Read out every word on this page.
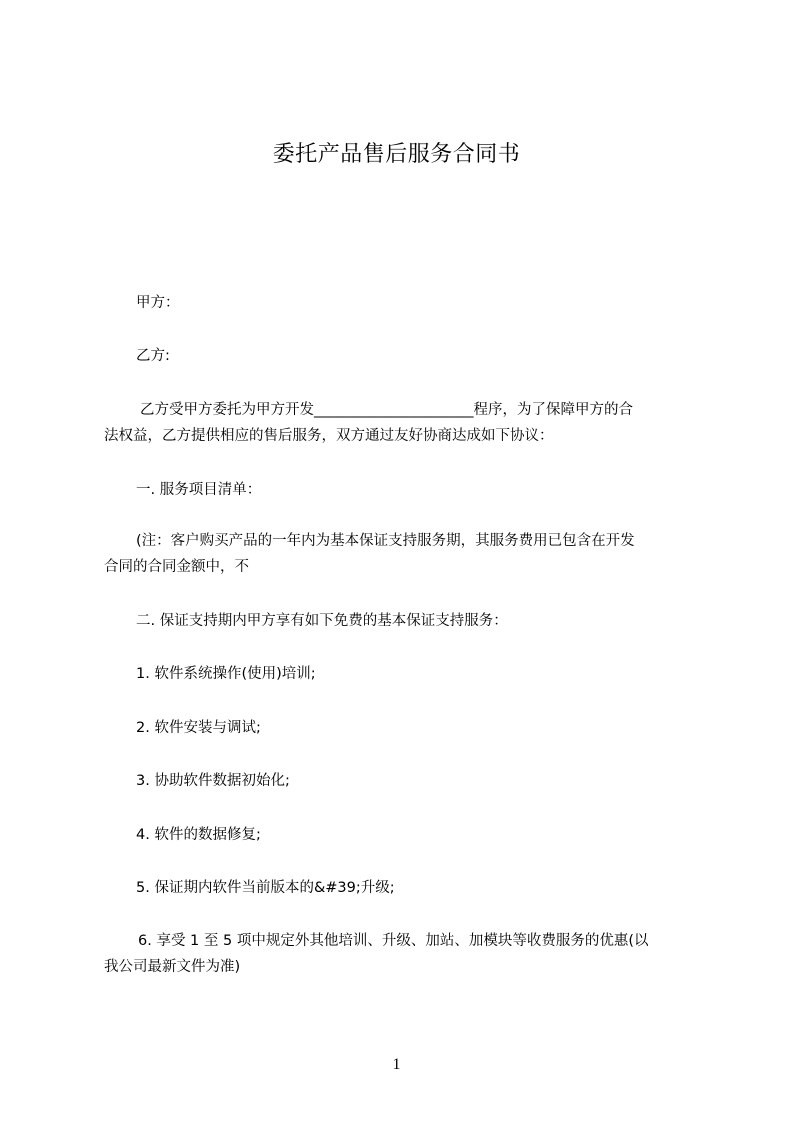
委托产品售后服务合同书
甲方：
乙方:
乙方受甲方委托为甲方开发______________________程序，为了保障甲方的合
法权益，乙方提供相应的售后服务，双方通过友好协商达成如下协议：
一. 服务项目清单：
(注：客户购买产品的一年内为基本保证支持服务期，其服务费用已包含在开发
合同的合同金额中，不
二. 保证支持期内甲方享有如下免费的基本保证支持服务：
1. 软件系统操作(使用)培训;
2. 软件安装与调试;
3. 协助软件数据初始化;
4. 软件的数据修复;
5. 保证期内软件当前版本的&#39;升级;
6. 享受 1 至 5 项中规定外其他培训、升级、加站、加模块等收费服务的优惠(以
我公司最新文件为准)
1
